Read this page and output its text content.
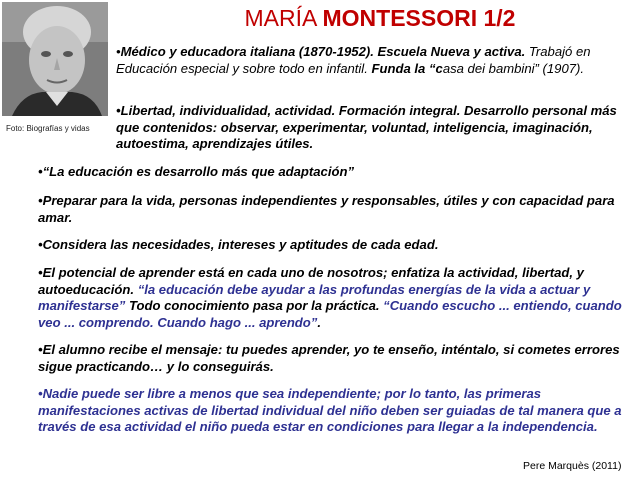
MARÍA MONTESSORI 1/2
Foto: Biografías y vidas
•Médico y educadora italiana (1870-1952). Escuela Nueva y activa. Trabajó en Educación especial y sobre todo en infantil. Funda la “casa dei bambini” (1907).
•Libertad, individualidad, actividad. Formación integral. Desarrollo personal más que contenidos: observar, experimentar, voluntad, inteligencia, imaginación, autoestima, aprendizajes útiles.
•“La educación es desarrollo más que adaptación”
•Preparar para la vida, personas independientes y responsables, útiles y con capacidad para amar.
•Considera las necesidades, intereses y aptitudes de cada edad.
•El potencial de aprender está en cada uno de nosotros; enfatiza la actividad, libertad, y autoeducación. “la educación debe ayudar a las profundas energías de la vida a actuar y manifestarse” Todo conocimiento pasa por la práctica. “Cuando escucho ... entiendo, cuando veo ... comprendo. Cuando hago ... aprendo”.
•El alumno recibe el mensaje: tu puedes aprender, yo te enseño, inténtalo, si cometes errores sigue practicando… y lo conseguirás.
•Nadie puede ser libre a menos que sea independiente; por lo tanto, las primeras manifestaciones activas de libertad individual del niño deben ser guiadas de tal manera que a través de esa actividad el niño pueda estar en condiciones para llegar a la independencia.
Pere Marquès (2011)
